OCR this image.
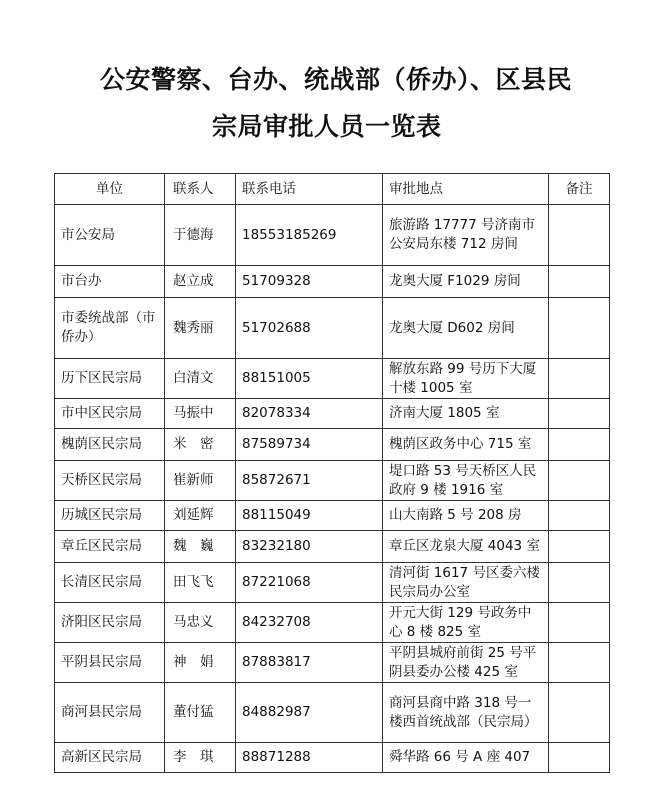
公安警察、台办、统战部（侨办）、区县民
宗局审批人员一览表
单位	联系人	联系电话	审批地点	备注
市公安局	于德海	18553185269	旅游路 17777 号济南市公安局东楼 712 房间	
市台办	赵立成	51709328	龙奥大厦 F1029 房间	
市委统战部（市侨办）	魏秀丽	51702688	龙奥大厦 D602 房间	
历下区民宗局	白清文	88151005	解放东路 99 号历下大厦十楼 1005 室	
市中区民宗局	马振中	82078334	济南大厦 1805 室	
槐荫区民宗局	米　密	87589734	槐荫区政务中心 715 室	
天桥区民宗局	崔新师	85872671	堤口路 53 号天桥区人民政府 9 楼 1916 室	
历城区民宗局	刘延辉	88115049	山大南路 5 号 208 房	
章丘区民宗局	魏　巍	83232180	章丘区龙泉大厦 4043 室	
长清区民宗局	田飞飞	87221068	清河街 1617 号区委六楼民宗局办公室	
济阳区民宗局	马忠义	84232708	开元大街 129 号政务中心 8 楼 825 室	
平阴县民宗局	神　娟	87883817	平阴县城府前街 25 号平阴县委办公楼 425 室	
商河县民宗局	董付猛	84882987	商河县商中路 318 号一楼西首统战部（民宗局）	
高新区民宗局	李　琪	88871288	舜华路 66 号 A 座 407	
